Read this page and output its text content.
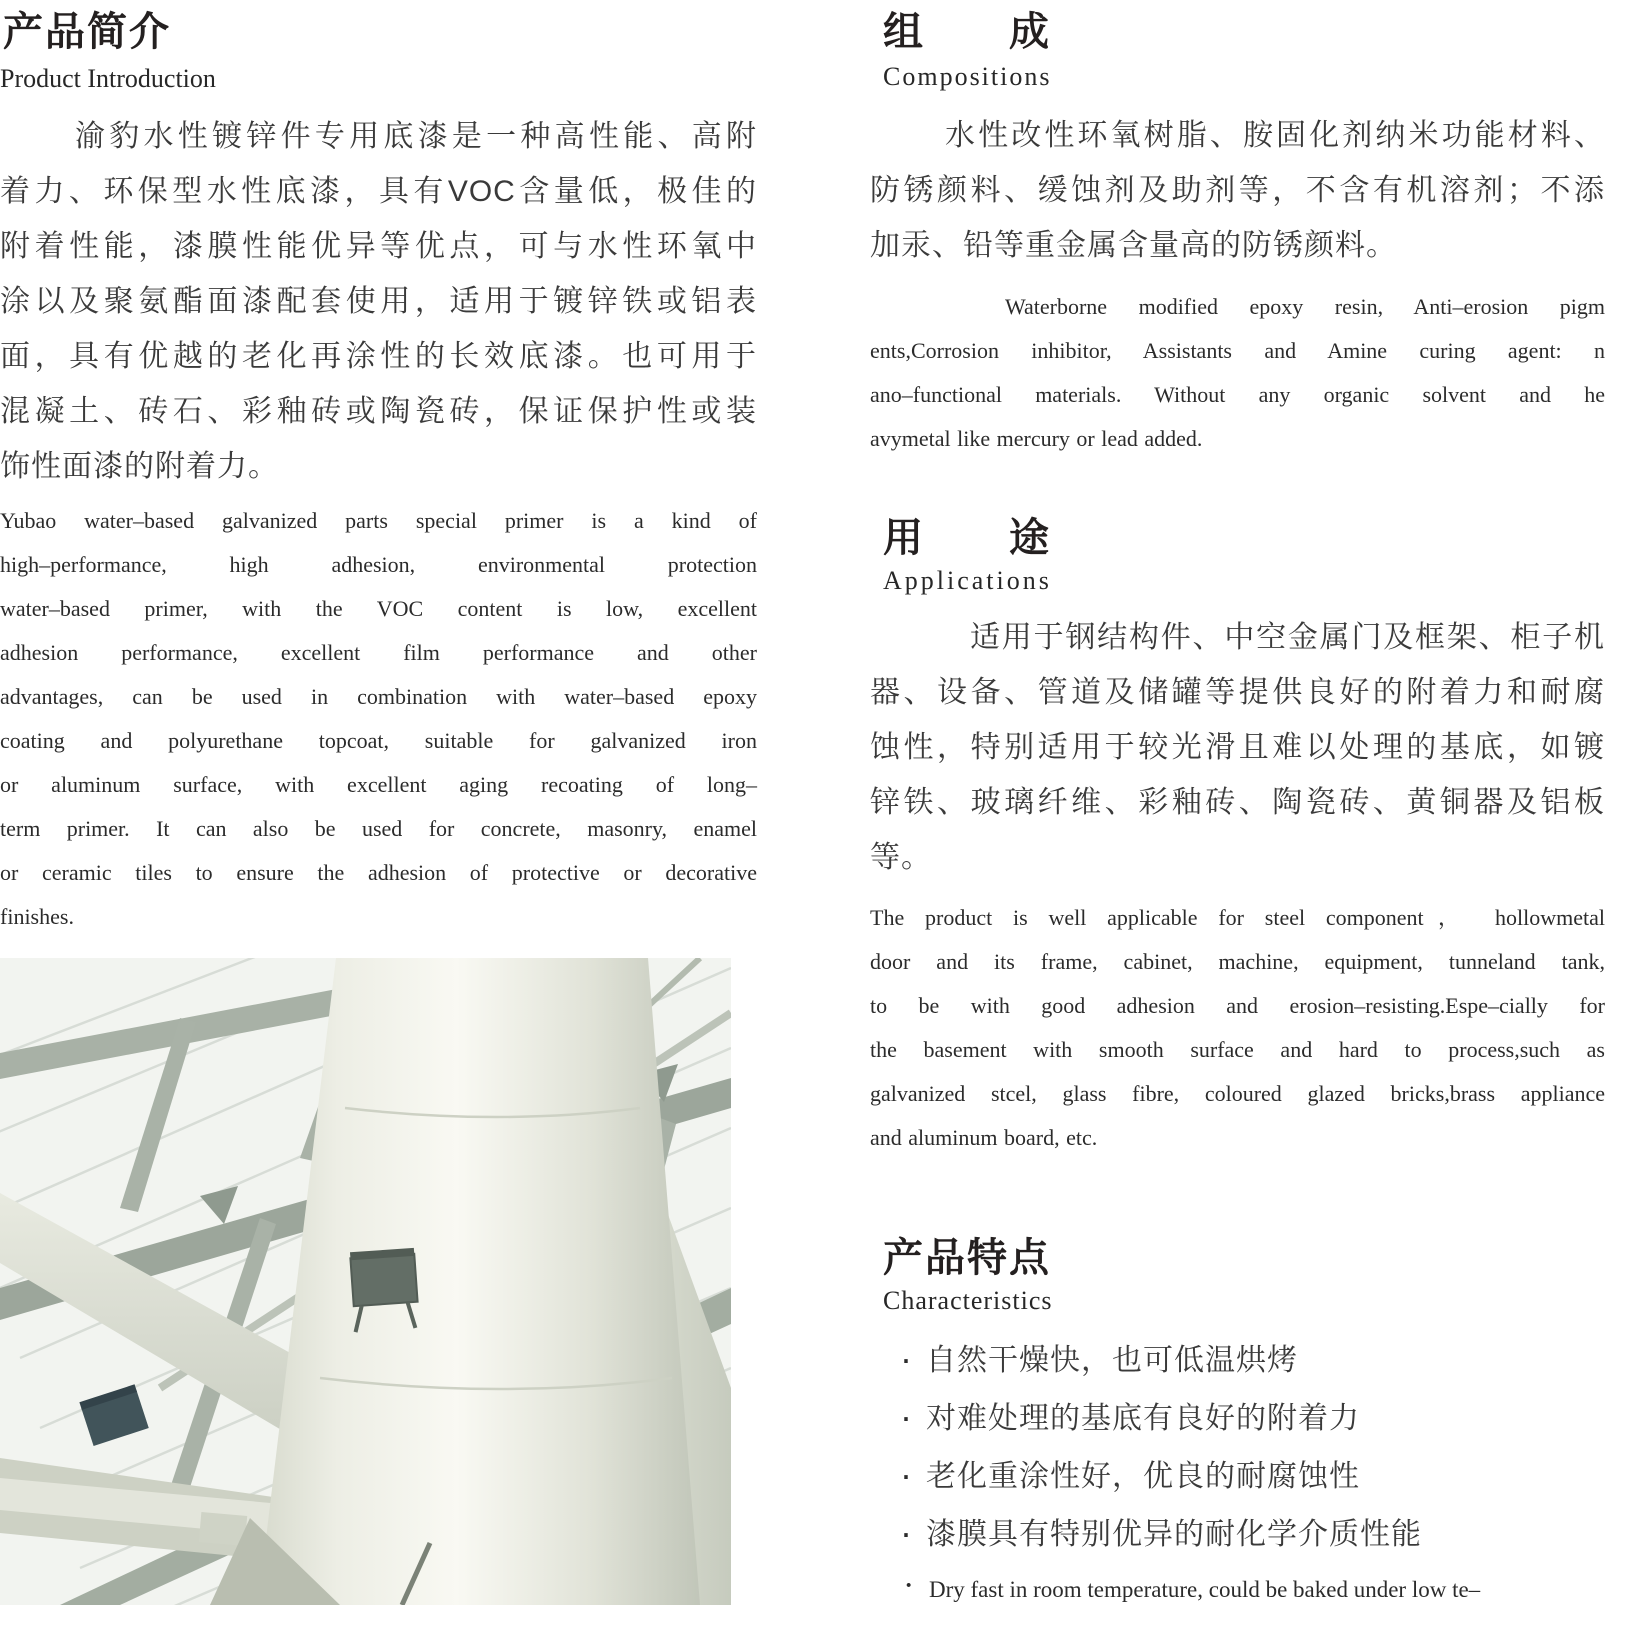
产品简介
Product Introduction
渝豹水性镀锌件专用底漆是一种高性能、高附
着力、环保型水性底漆，具有VOC含量低，极佳的
附着性能，漆膜性能优异等优点，可与水性环氧中
涂以及聚氨酯面漆配套使用，适用于镀锌铁或铝表
面，具有优越的老化再涂性的长效底漆。也可用于
混凝土、砖石、彩釉砖或陶瓷砖，保证保护性或装
饰性面漆的附着力。
Yubao water–based galvanized parts special primer is a kind of
high–performance, high adhesion, environmental protection
water–based primer, with the VOC content is low, excellent
adhesion performance, excellent film performance and other
advantages, can be used in combination with water–based epoxy
coating and polyurethane topcoat, suitable for galvanized iron
or aluminum surface, with excellent aging recoating of long–
term primer. It can also be used for concrete, masonry, enamel
or ceramic tiles to ensure the adhesion of protective or decorative
finishes.
组　　成
Compositions
水性改性环氧树脂、胺固化剂纳米功能材料、
防锈颜料、缓蚀剂及助剂等，不含有机溶剂；不添
加汞、铅等重金属含量高的防锈颜料。
Waterborne modified epoxy resin, Anti–erosion pigm
ents,Corrosion inhibitor, Assistants and Amine curing agent: n
ano–functional materials. Without any organic solvent and he
avymetal like mercury or lead added.
用　　途
Applications
适用于钢结构件、中空金属门及框架、柜子机
器、设备、管道及储罐等提供良好的附着力和耐腐
蚀性，特别适用于较光滑且难以处理的基底，如镀
锌铁、玻璃纤维、彩釉砖、陶瓷砖、黄铜器及铝板
等。
The product is well applicable for steel component， hollowmetal
door and its frame, cabinet, machine, equipment, tunneland tank,
to be with good adhesion and erosion–resisting.Espe–cially for
the basement with smooth surface and hard to process,such as
galvanized stcel, glass fibre, coloured glazed bricks,brass appliance
and aluminum board, etc.
产品特点
Characteristics
· 自然干燥快，也可低温烘烤
· 对难处理的基底有良好的附着力
· 老化重涂性好，优良的耐腐蚀性
· 漆膜具有特别优异的耐化学介质性能
· Dry fast in room temperature, could be baked under low te–
